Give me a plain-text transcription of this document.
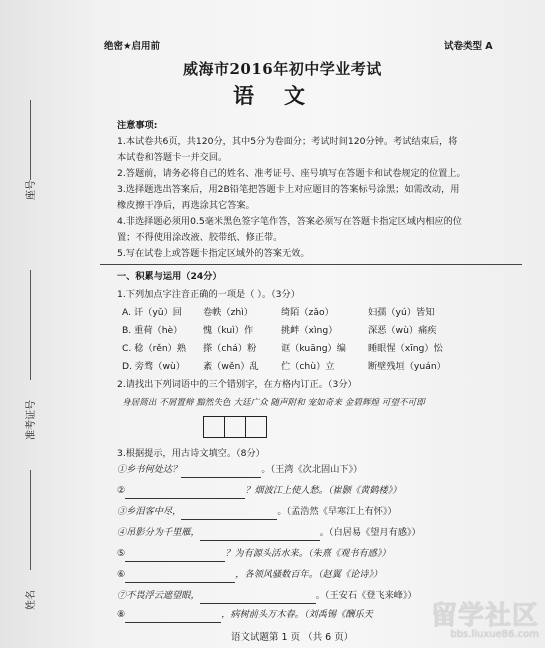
绝密★启用前	试卷类型 A
威海市2016年初中学业考试
语文
注意事项:
1.本试卷共6页，共120分，其中5分为卷面分；考试时间120分钟。考试结束后，将
本试卷和答题卡一并交回。
2.答题前，请务必将自己的姓名、准考证号、座号填写在答题卡和试卷规定的位置上。
3.选择题选出答案后，用2B铅笔把答题卡上对应题目的答案标号涂黑；如需改动，用
橡皮擦干净后，再选涂其它答案。
4.非选择题必须用0.5毫米黑色签字笔作答，答案必须写在答题卡指定区域内相应的位
置；不得使用涂改液、胶带纸、修正带。
5.写在试卷上或答题卡指定区域外的答案无效。
座号
准考证号
姓名
一、积累与运用（24分）
1.下列加点字注音正确的一项是（ ）。（3分）
A. 讦（yǔ）回 卷帙（zhì）	绮陌（zǎo）	妇孺（yú）皆知
B. 重荷（hè） 愧（kuì）作	挑衅（xìng）	深恶（wù）痛疾
C. 稔（rěn）熟 搽（chá）粉	诓（kuāng）编 睡眼惺（xīng）忪
D. 旁骛（wù） 紊（wěn）乱 伫（chù）立	断壁残垣（yuán）
2.请找出下列词语中的三个错别字，在方格内订正。（3分）
身居简出 不屑置辩 黯然失色 大廷广众 随声附和 宠如奇来 金碧辉煌 可望不可即
3.根据提示，用古诗文填空。（8分）
①乡书何处达？	。（王湾《次北固山下》）
②	？烟波江上使人愁。（崔颢《黄鹤楼》）
③乡泪客中尽，	。（孟浩然《早寒江上有怀》）
④吊影分为千里雁，	。（白居易《望月有感》）
⑤	？为有源头活水来。（朱熹《观书有感》）
⑥	，各领风骚数百年。（赵翼《论诗》）
⑦不畏浮云遮望眼，	。（王安石《登飞来峰》）
⑧	，病树前头万木春。（刘禹锡《酬乐天
语文试题第 1 页 （共 6 页）
留学社区
bbs.liuxue86.com
